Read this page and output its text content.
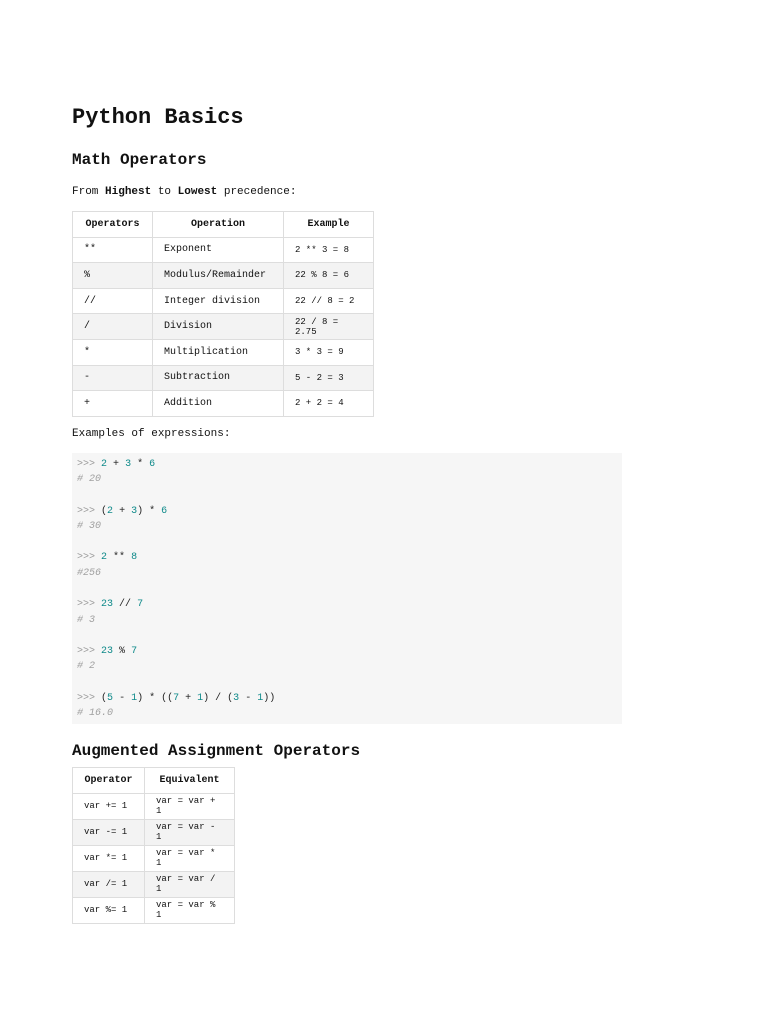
Python Basics
Math Operators

From Highest to Lowest precedence:

Operators	Operation	Example
**	Exponent	2 ** 3 = 8
%	Modulus/Remainder	22 % 8 = 6
//	Integer division	22 // 8 = 2
/	Division	22 / 8 = 2.75
*	Multiplication	3 * 3 = 9
-	Subtraction	5 - 2 = 3
+	Addition	2 + 2 = 4

Examples of expressions:

>>> 2 + 3 * 6
# 20
>>> (2 + 3) * 6
# 30
>>> 2 ** 8
#256
>>> 23 // 7
# 3
>>> 23 % 7
# 2
>>> (5 - 1) * ((7 + 1) / (3 - 1))
# 16.0
Augmented Assignment Operators
Operator	Equivalent
var += 1	var = var + 1
var -= 1	var = var - 1
var *= 1	var = var * 1
var /= 1	var = var / 1
var %= 1	var = var % 1
